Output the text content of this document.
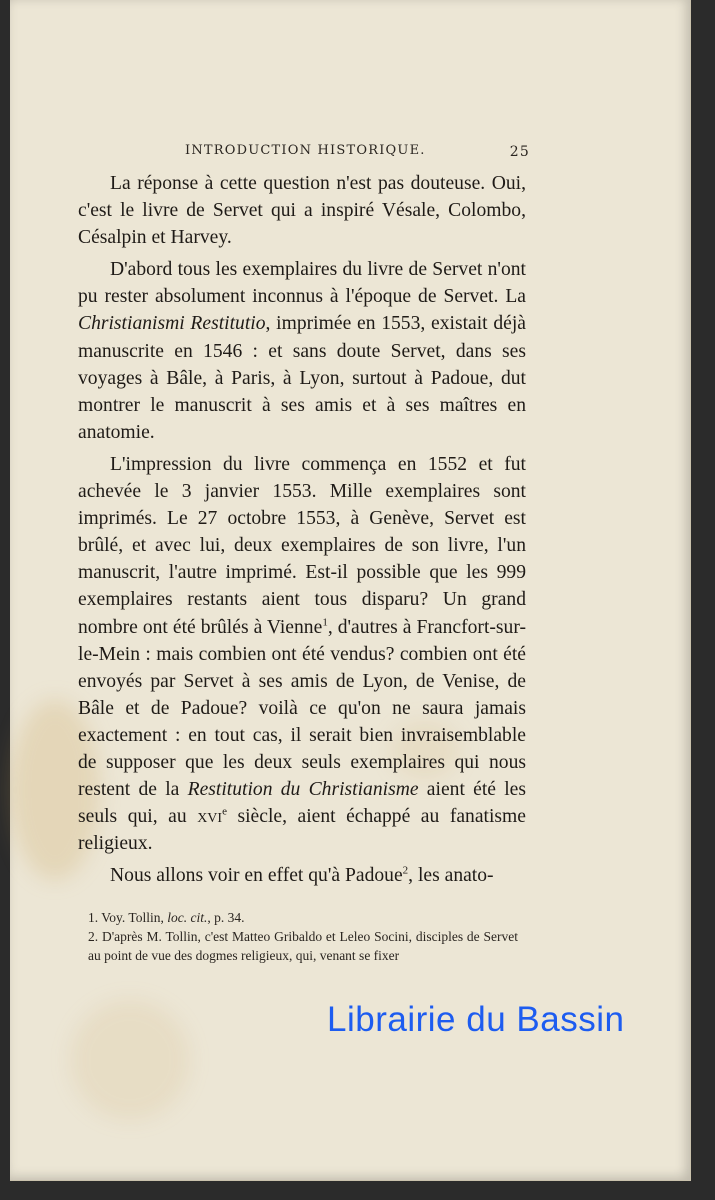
INTRODUCTION HISTORIQUE.	25

La réponse à cette question n'est pas douteuse. Oui, c'est le livre de Servet qui a inspiré Vésale, Colombo, Césalpin et Harvey.

D'abord tous les exemplaires du livre de Servet n'ont pu rester absolument inconnus à l'époque de Servet. La Christianismi Restitutio, imprimée en 1553, existait déjà manuscrite en 1546 : et sans doute Servet, dans ses voyages à Bâle, à Paris, à Lyon, surtout à Padoue, dut montrer le manuscrit à ses amis et à ses maîtres en anatomie.

L'impression du livre commença en 1552 et fut achevée le 3 janvier 1553. Mille exemplaires sont imprimés. Le 27 octobre 1553, à Genève, Servet est brûlé, et avec lui, deux exemplaires de son livre, l'un manuscrit, l'autre imprimé. Est-il possible que les 999 exemplaires restants aient tous disparu? Un grand nombre ont été brûlés à Vienne$^1$, d'autres à Francfort-sur-le-Mein : mais combien ont été vendus? combien ont été envoyés par Servet à ses amis de Lyon, de Venise, de Bâle et de Padoue? voilà ce qu'on ne saura jamais exactement : en tout cas, il serait bien invraisemblable de supposer que les deux seuls exemplaires qui nous restent de la Restitution du Christianisme aient été les seuls qui, au xvi$^e$ siècle, aient échappé au fanatisme religieux.

Nous allons voir en effet qu'à Padoue$^2$, les anato-

1. Voy. Tollin, loc. cit., p. 34.

2. D'après M. Tollin, c'est Matteo Gribaldo et Leleo Socini, disciples de Servet au point de vue des dogmes religieux, qui, venant se fixer

Librairie du Bassin
